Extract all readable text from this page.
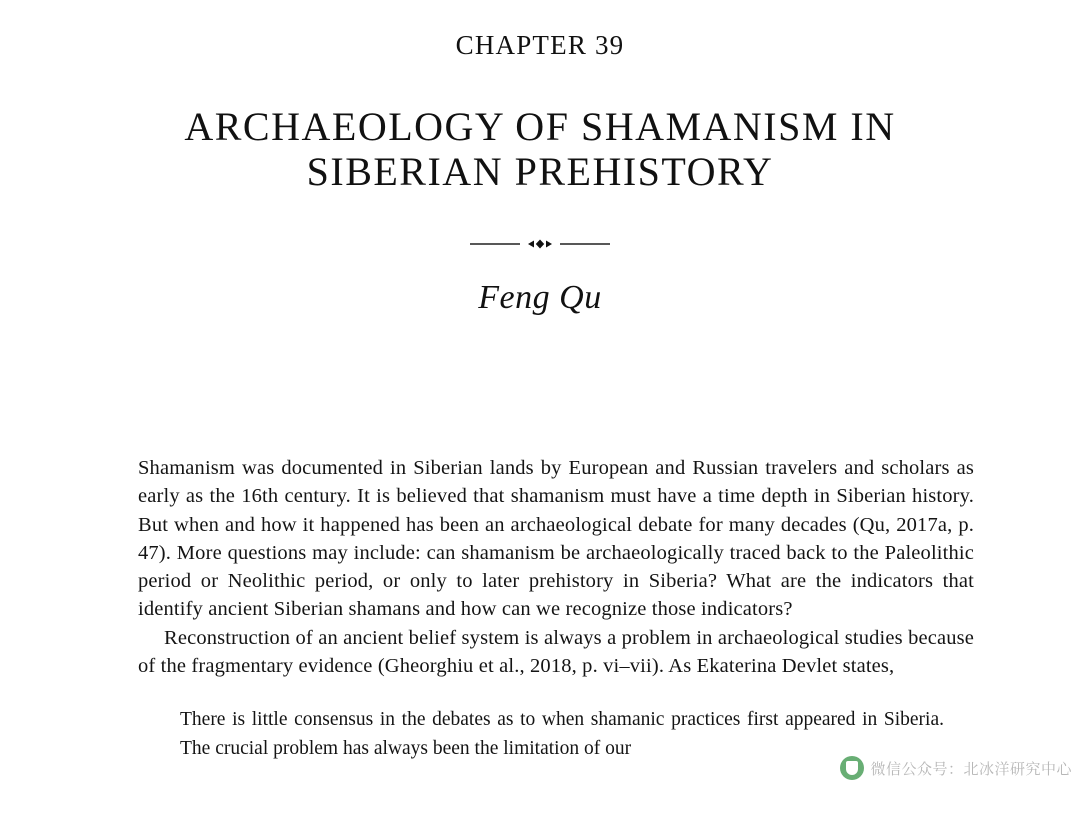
CHAPTER 39
ARCHAEOLOGY OF SHAMANISM IN
SIBERIAN PREHISTORY
Feng Qu

Shamanism was documented in Siberian lands by European and Russian travelers and scholars as early as the 16th century. It is believed that shamanism must have a time depth in Siberian history. But when and how it happened has been an archaeological debate for many decades (Qu, 2017a, p. 47). More questions may include: can shamanism be archaeologically traced back to the Paleolithic period or Neolithic period, or only to later prehistory in Siberia? What are the indicators that identify ancient Siberian shamans and how can we recognize those indicators?

Reconstruction of an ancient belief system is always a problem in archaeological studies because of the fragmentary evidence (Gheorghiu et al., 2018, p. vi–vii). As Ekaterina Devlet states,

There is little consensus in the debates as to when shamanic practices first appeared in Siberia. The crucial problem has always been the limitation of our
微信公众号：北冰洋研究中心
